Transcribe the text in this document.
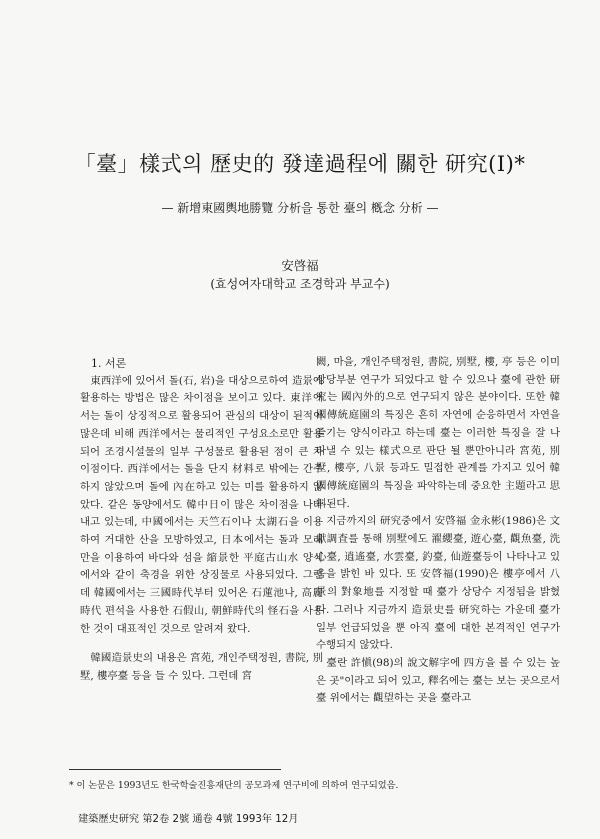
「臺」樣式의 歷史的 發達過程에 關한 研究(Ⅰ)*
— 新增東國輿地勝覽 分析을 통한 臺의 槪念 分析 —
安啓福
(효성여자대학교 조경학과 부교수)

1. 서론

東西洋에 있어서 돌(石, 岩)을 대상으로하여 造景에 활용하는 방법은 많은 차이점을 보이고 있다. 東洋에서는 돌이 상징적으로 활용되어 관심의 대상이 된적이 많은데 비해 西洋에서는 물리적인 구성요소로만 활용되어 조경시설물의 일부 구성물로 활용된 점이 큰 차이점이다. 西洋에서는 돌을 단지 材料로 밖에는 간주하지 않았으며 돌에 內在하고 있는 미를 활용하지 않았다. 같은 동양에서도 韓中日이 많은 차이점을 나타내고 있는데, 中國에서는 天竺石이나 太湖石을 이용하여 거대한 산을 모방하였고, 日本에서는 돌과 모래만을 이용하여 바다와 섬을 縮景한 平庭古山水 양식에서와 같이 축경을 위한 상징물로 사용되었다. 그런데 韓國에서는 三國時代부터 있어온 石蓮池나, 高麗時代 편석을 사용한 石假山, 朝鮮時代의 怪石을 사용한 것이 대표적인 것으로 알려져 왔다.

韓國造景史의 내용은 宮苑, 개인주택정원, 書院, 別墅, 樓亭臺 등을 들 수 있다. 그런데 宮

闕, 마을, 개인주택정원, 書院, 別墅, 樓, 亭 등은 이미 상당부분 연구가 되었다고 할 수 있으나 臺에 관한 研究는 國內外的으로 연구되지 않은 분야이다. 또한 韓國傳統庭園의 특징은 흔히 자연에 순응하면서 자연을 즐기는 양식이라고 하는데 臺는 이러한 특징을 잘 나타낼 수 있는 樣式으로 판단 될 뿐만아니라 宮苑, 別墅, 樓亭, 八景 등과도 밀접한 관계를 가지고 있어 韓國傳統庭園의 특징을 파악하는데 중요한 主題라고 思料된다.

지금까지의 研究중에서 安啓福 金永彬(1986)은 文獻調査를 통해 別墅에도 濯纓臺, 遊心臺, 觀魚臺, 洗心臺, 逍遙臺, 水雲臺, 釣臺, 仙遊臺등이 나타나고 있음을 밝힌 바 있다. 또 安啓福(1990)은 樓亭에서 八景의 對象地를 지정할 때 臺가 상당수 지정됨을 밝혔다. 그러나 지금까지 造景史를 研究하는 가운데 臺가 일부 언급되었을 뿐 아직 臺에 대한 본격적인 연구가 수행되지 않았다.

臺란 許愼(98)의 說文解字에 四方을 볼 수 있는 높은 곳"이라고 되어 있고, 釋名에는 臺는 보는 곳으로서 臺 위에서는 觀望하는 곳을 臺라고

* 이 논문은 1993년도 한국학술진흥재단의 공모과제 연구비에 의하여 연구되었음.
建築歷史研究 第2卷 2號 通卷 4號 1993年 12月
